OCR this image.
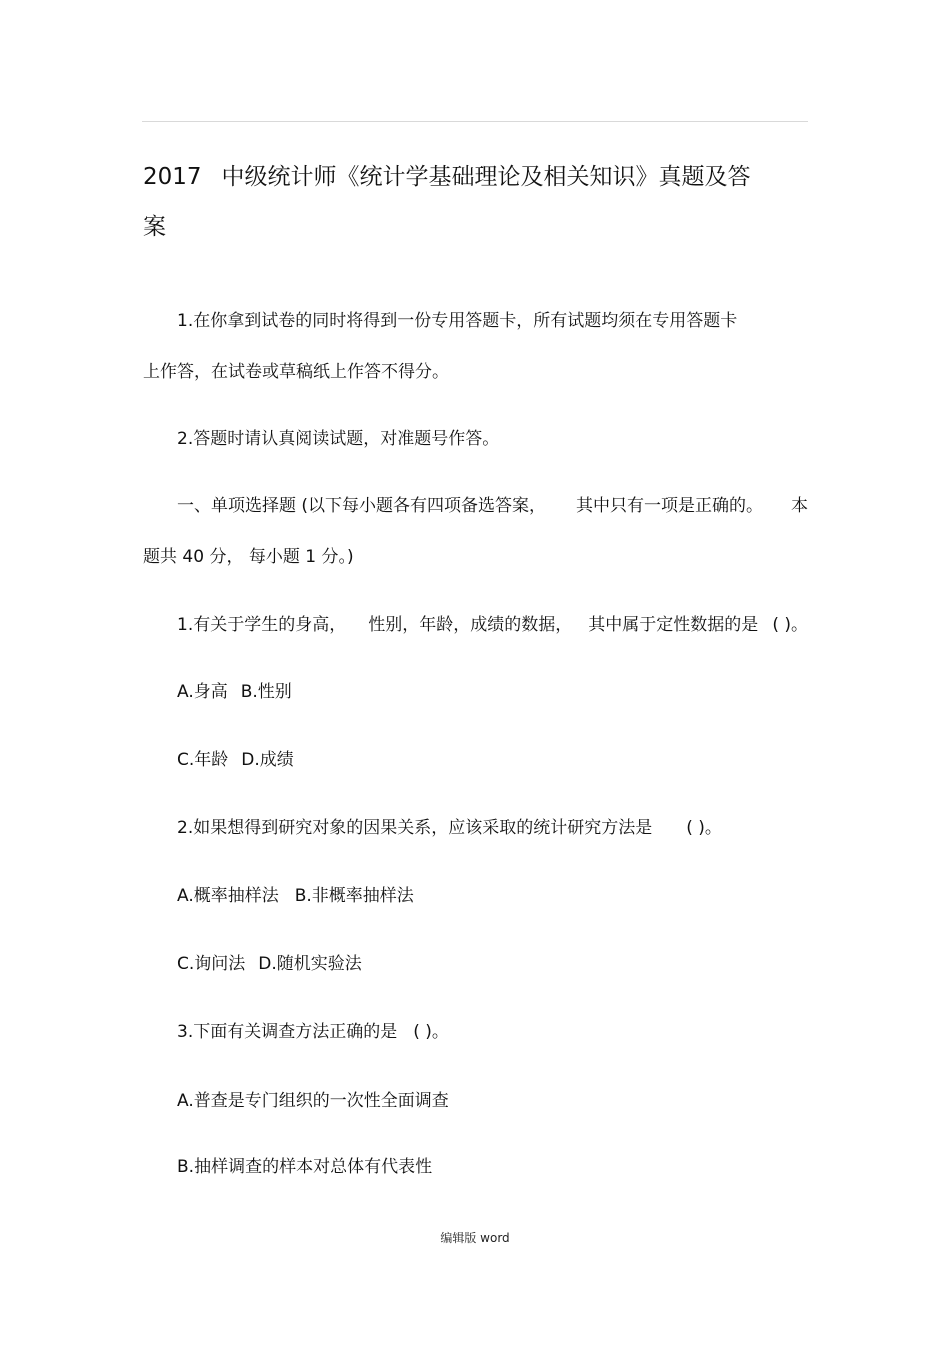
2017 中级统计师《统计学基础理论及相关知识》真题及答
案
1.在你拿到试卷的同时将得到一份专用答题卡，所有试题均须在专用答题卡
上作答，在试卷或草稿纸上作答不得分。
2.答题时请认真阅读试题，对准题号作答。
一、单项选择题 (以下每小题各有四项备选答案， 其中只有一项是正确的。 本
题共 40 分， 每小题 1 分。)
1.有关于学生的身高， 性别，年龄，成绩的数据， 其中属于定性数据的是 ( )。
A.身高 B.性别
C.年龄 D.成绩
2.如果想得到研究对象的因果关系，应该采取的统计研究方法是 ( )。
A.概率抽样法 B.非概率抽样法
C.询问法 D.随机实验法
3.下面有关调查方法正确的是 ( )。
A.普查是专门组织的一次性全面调查
B.抽样调查的样本对总体有代表性
编辑版 word
